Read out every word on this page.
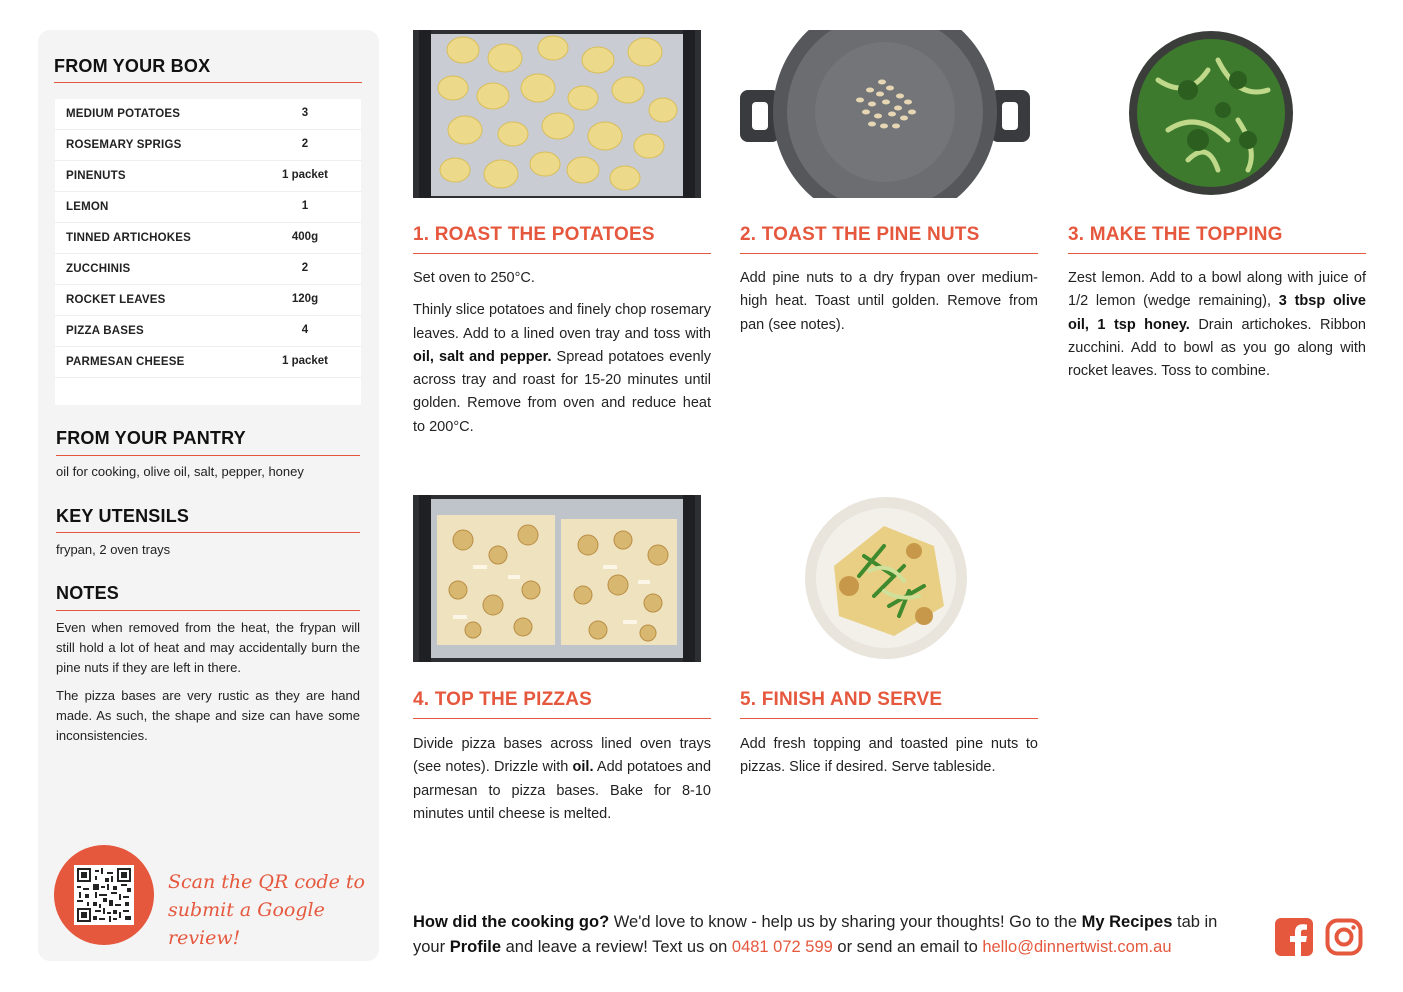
FROM YOUR BOX
MEDIUM POTATOES	3
ROSEMARY SPRIGS	2
PINENUTS	1 packet
LEMON	1
TINNED ARTICHOKES	400g
ZUCCHINIS	2
ROCKET LEAVES	120g
PIZZA BASES	4
PARMESAN CHEESE	1 packet
FROM YOUR PANTRY
oil for cooking, olive oil, salt, pepper, honey
KEY UTENSILS
frypan, 2 oven trays
NOTES
Even when removed from the heat, the frypan will still hold a lot of heat and may accidentally burn the pine nuts if they are left in there.
The pizza bases are very rustic as they are hand made. As such, the shape and size can have some inconsistencies.
Scan the QR code to
submit a Google review!
1. ROAST THE POTATOES

Set oven to 250°C.

Thinly slice potatoes and finely chop rosemary leaves. Add to a lined oven tray and toss with oil, salt and pepper. Spread potatoes evenly across tray and roast for 15-20 minutes until golden. Remove from oven and reduce heat to 200°C.

2. TOAST THE PINE NUTS

Add pine nuts to a dry frypan over medium-high heat. Toast until golden. Remove from pan (see notes).

3. MAKE THE TOPPING

Zest lemon. Add to a bowl along with juice of 1/2 lemon (wedge remaining), 3 tbsp olive oil, 1 tsp honey. Drain artichokes. Ribbon zucchini. Add to bowl as you go along with rocket leaves. Toss to combine.

4. TOP THE PIZZAS

Divide pizza bases across lined oven trays (see notes). Drizzle with oil. Add potatoes and parmesan to pizza bases. Bake for 8-10 minutes until cheese is melted.

5. FINISH AND SERVE

Add fresh topping and toasted pine nuts to pizzas. Slice if desired. Serve tableside.

How did the cooking go? We'd love to know - help us by sharing your thoughts! Go to the My Recipes tab in your Profile and leave a review! Text us on 0481 072 599 or send an email to hello@dinnertwist.com.au
